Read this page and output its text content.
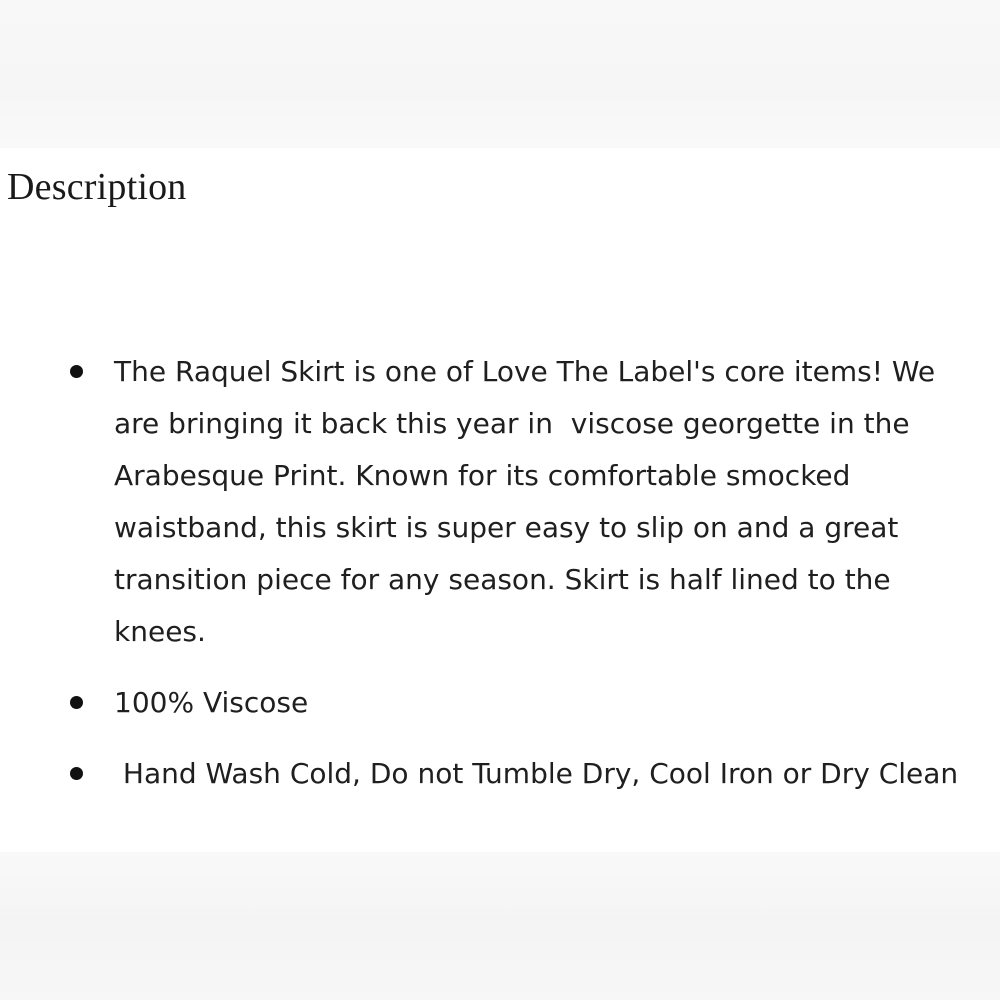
Description
The Raquel Skirt is one of Love The Label's core items! We are bringing it back this year in  viscose georgette in the Arabesque Print. Known for its comfortable smocked waistband, this skirt is super easy to slip on and a great transition piece for any season. Skirt is half lined to the knees.
100% Viscose
Hand Wash Cold, Do not Tumble Dry, Cool Iron or Dry Clean
